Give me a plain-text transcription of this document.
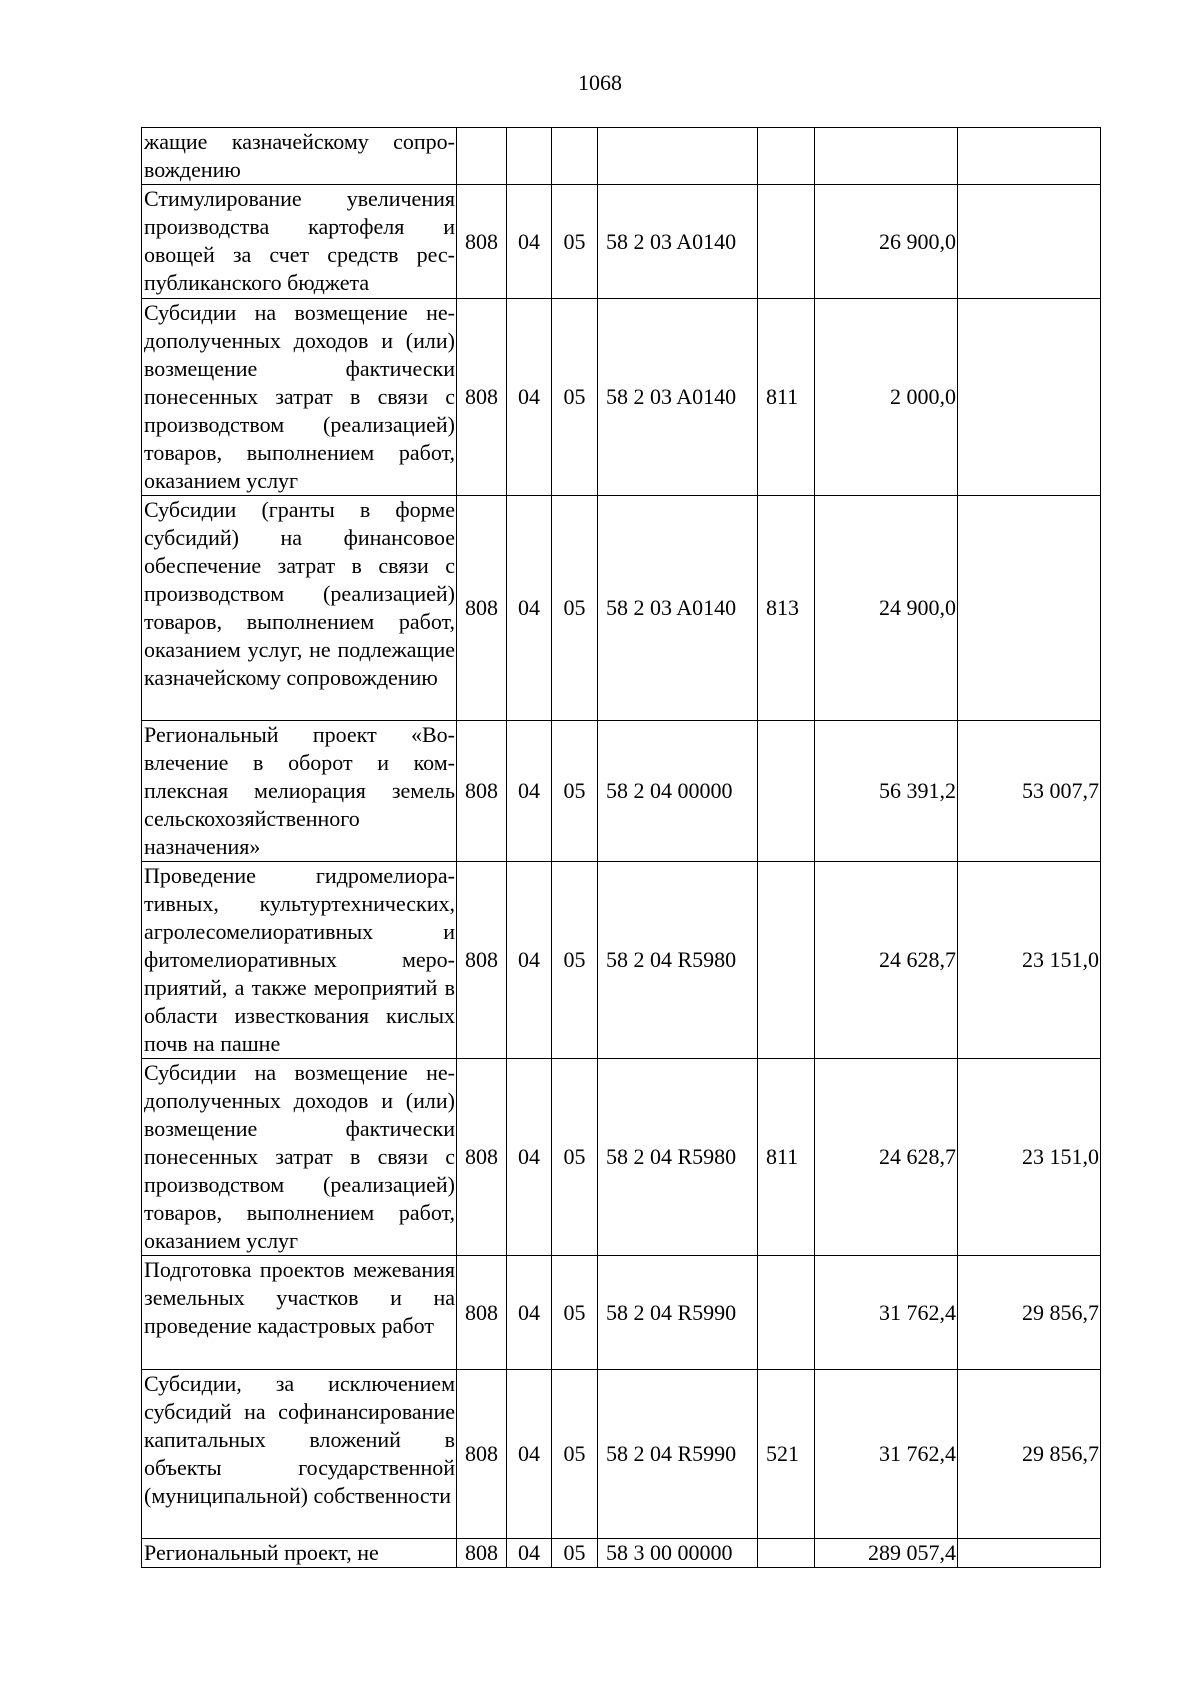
1068
жащие казначейскому сопровождению							
Стимулирование увеличения производства картофеля и овощей за счет средств республиканского бюджета	808	04	05	58 2 03 A0140		26 900,0	
Субсидии на возмещение недополученных доходов и (или) возмещение фактически понесенных затрат в связи с производством (реализацией) товаров, выполнением работ, оказанием услуг	808	04	05	58 2 03 A0140	811	2 000,0	
Субсидии (гранты в форме субсидий) на финансовое обеспечение затрат в связи с производством (реализацией) товаров, выполнением работ, оказанием услуг, не подлежащие казначейскому сопровождению	808	04	05	58 2 03 A0140	813	24 900,0	
Региональный проект «Вовлечение в оборот и комплексная мелиорация земель сельскохозяйственного назначения»	808	04	05	58 2 04 00000		56 391,2	53 007,7
Проведение гидромелиоративных, культуртехнических, агролесомелиоративных и фитомелиоративных мероприятий, а также мероприятий в области известкования кислых почв на пашне	808	04	05	58 2 04 R5980		24 628,7	23 151,0
Субсидии на возмещение недополученных доходов и (или) возмещение фактически понесенных затрат в связи с производством (реализацией) товаров, выполнением работ, оказанием услуг	808	04	05	58 2 04 R5980	811	24 628,7	23 151,0
Подготовка проектов межевания земельных участков и на проведение кадастровых работ	808	04	05	58 2 04 R5990		31 762,4	29 856,7
Субсидии, за исключением субсидий на софинансирование капитальных вложений в объекты государственной (муниципальной) собственности	808	04	05	58 2 04 R5990	521	31 762,4	29 856,7
Региональный проект, не	808	04	05	58 3 00 00000		289 057,4	
